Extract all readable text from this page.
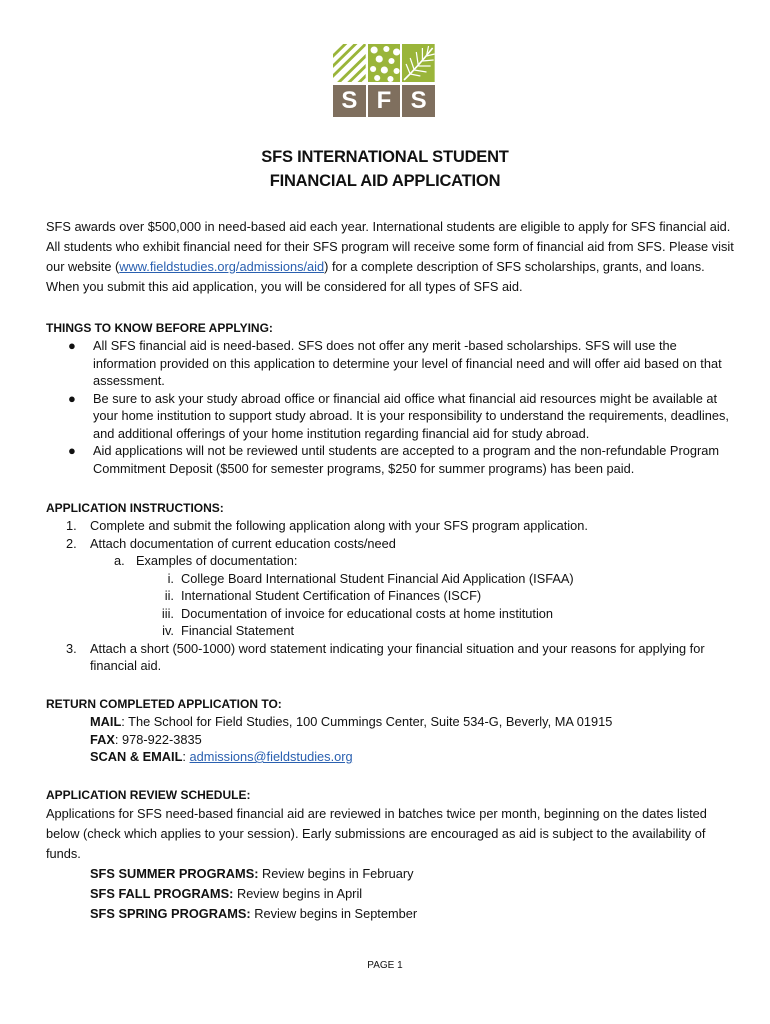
S F S
SFS INTERNATIONAL STUDENT
FINANCIAL AID APPLICATION

SFS awards over $500,000 in need-based aid each year. International students are eligible to apply for SFS financial aid. All students who exhibit financial need for their SFS program will receive some form of financial aid from SFS. Please visit our website (www.fieldstudies.org/admissions/aid) for a complete description of SFS scholarships, grants, and loans. When you submit this aid application, you will be considered for all types of SFS aid.

THINGS TO KNOW BEFORE APPLYING:

● All SFS financial aid is need-based. SFS does not offer any merit -based scholarships. SFS will use the information provided on this application to determine your level of financial need and will offer aid based on that assessment.
● Be sure to ask your study abroad office or financial aid office what financial aid resources might be available at your home institution to support study abroad. It is your responsibility to understand the requirements, deadlines, and additional offerings of your home institution regarding financial aid for study abroad.
● Aid applications will not be reviewed until students are accepted to a program and the non-refundable Program Commitment Deposit ($500 for semester programs, $250 for summer programs) has been paid.

APPLICATION INSTRUCTIONS:

1. Complete and submit the following application along with your SFS program application.
2. Attach documentation of current education costs/need
a. Examples of documentation:
i. College Board International Student Financial Aid Application (ISFAA)
ii. International Student Certification of Finances (ISCF)
iii. Documentation of invoice for educational costs at home institution
iv. Financial Statement
3. Attach a short (500-1000) word statement indicating your financial situation and your reasons for applying for financial aid.

RETURN COMPLETED APPLICATION TO:

MAIL: The School for Field Studies, 100 Cummings Center, Suite 534-G, Beverly, MA 01915
FAX: 978-922-3835
SCAN & EMAIL: admissions@fieldstudies.org

APPLICATION REVIEW SCHEDULE:

Applications for SFS need-based financial aid are reviewed in batches twice per month, beginning on the dates listed below (check which applies to your session). Early submissions are encouraged as aid is subject to the availability of funds.
SFS SUMMER PROGRAMS: Review begins in February
SFS FALL PROGRAMS: Review begins in April
SFS SPRING PROGRAMS: Review begins in September
PAGE 1
